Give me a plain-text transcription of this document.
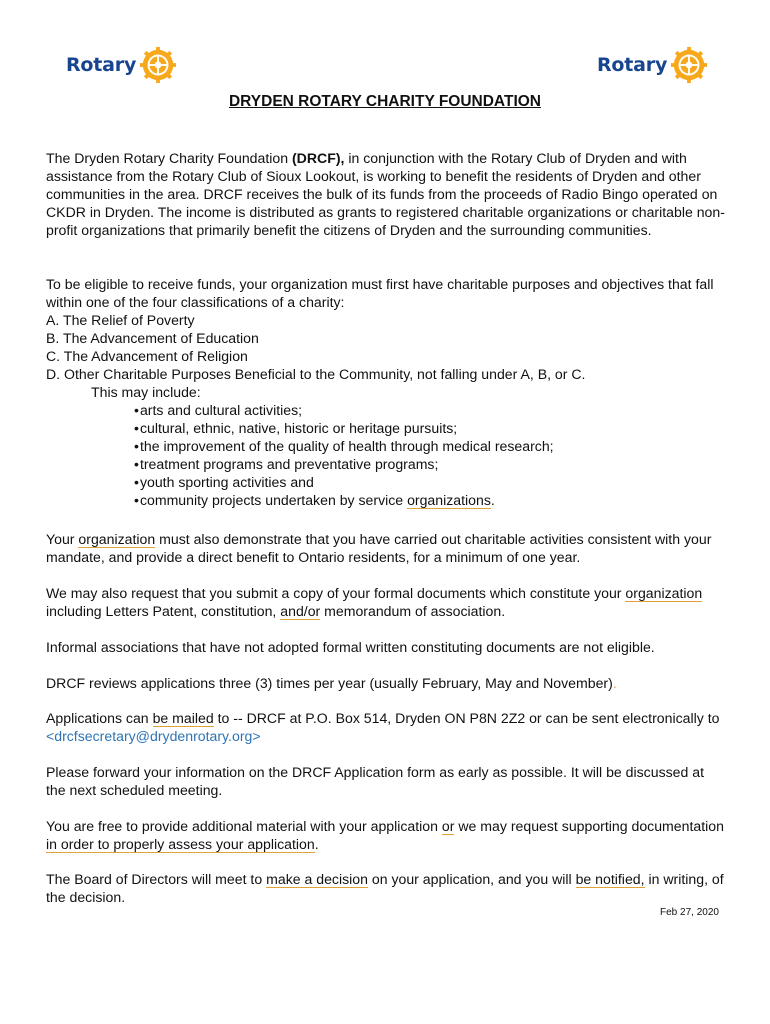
Rotary	Rotary
DRYDEN ROTARY CHARITY FOUNDATION

The Dryden Rotary Charity Foundation (DRCF), in conjunction with the Rotary Club of Dryden and with assistance from the Rotary Club of Sioux Lookout, is working to benefit the residents of Dryden and other communities in the area. DRCF receives the bulk of its funds from the proceeds of Radio Bingo operated on CKDR in Dryden. The income is distributed as grants to registered charitable organizations or charitable non-profit organizations that primarily benefit the citizens of Dryden and the surrounding communities.

To be eligible to receive funds, your organization must first have charitable purposes and objectives that fall within one of the four classifications of a charity:

A. The Relief of Poverty
B. The Advancement of Education
C. The Advancement of Religion
D. Other Charitable Purposes Beneficial to the Community, not falling under A, B, or C.

This may include:

• arts and cultural activities;
• cultural, ethnic, native, historic or heritage pursuits;
• the improvement of the quality of health through medical research;
• treatment programs and preventative programs;
• youth sporting activities and
• community projects undertaken by service organizations.

Your organization must also demonstrate that you have carried out charitable activities consistent with your mandate, and provide a direct benefit to Ontario residents, for a minimum of one year.

We may also request that you submit a copy of your formal documents which constitute your organization including Letters Patent, constitution, and/or memorandum of association.

Informal associations that have not adopted formal written constituting documents are not eligible.

DRCF reviews applications three (3) times per year (usually February, May and November).

Applications can be mailed to -- DRCF at P.O. Box 514, Dryden ON P8N 2Z2 or can be sent electronically to <drcfsecretary@drydenrotary.org>

Please forward your information on the DRCF Application form as early as possible. It will be discussed at the next scheduled meeting.

You are free to provide additional material with your application or we may request supporting documentation in order to properly assess your application.

The Board of Directors will meet to make a decision on your application, and you will be notified, in writing, of the decision.

Feb 27, 2020
